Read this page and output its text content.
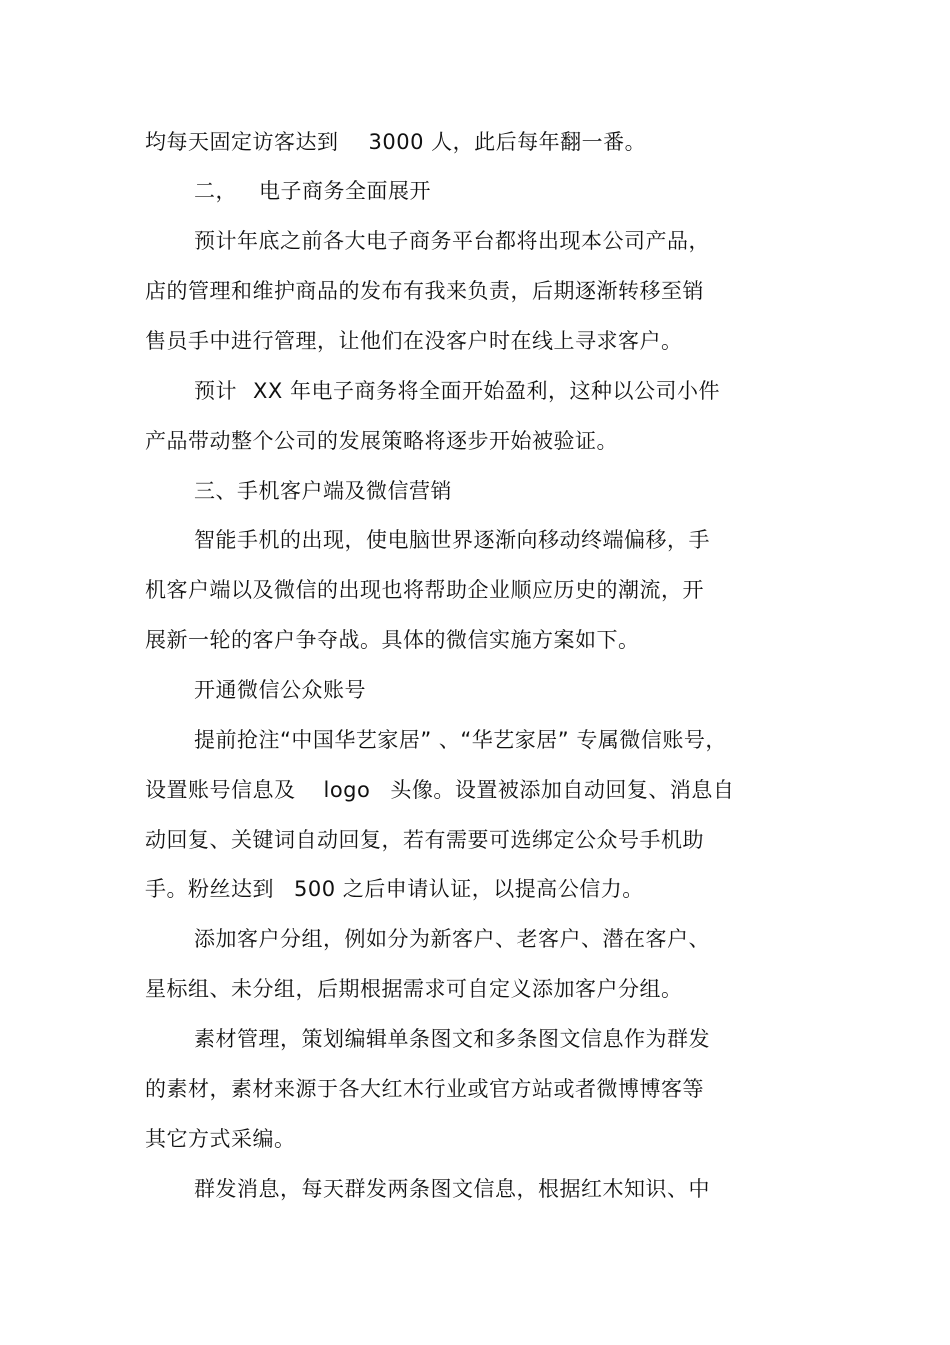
均每天固定访客达到 3000 人，此后每年翻一番。
二， 电子商务全面展开
预计年底之前各大电子商务平台都将出现本公司产品，
店的管理和维护商品的发布有我来负责，后期逐渐转移至销
售员手中进行管理，让他们在没客户时在线上寻求客户。
预计 XX 年电子商务将全面开始盈利，这种以公司小件
产品带动整个公司的发展策略将逐步开始被验证。
三、手机客户端及微信营销
智能手机的出现，使电脑世界逐渐向移动终端偏移，手
机客户端以及微信的出现也将帮助企业顺应历史的潮流，开
展新一轮的客户争夺战。具体的微信实施方案如下。
开通微信公众账号
提前抢注“中国华艺家居” 、“华艺家居” 专属微信账号，
设置账号信息及 logo 头像。设置被添加自动回复、消息自
动回复、关键词自动回复，若有需要可选绑定公众号手机助
手。粉丝达到 500 之后申请认证，以提高公信力。
添加客户分组，例如分为新客户、老客户、潜在客户、
星标组、未分组，后期根据需求可自定义添加客户分组。
素材管理，策划编辑单条图文和多条图文信息作为群发
的素材，素材来源于各大红木行业或官方站或者微博博客等
其它方式采编。
群发消息，每天群发两条图文信息，根据红木知识、中
